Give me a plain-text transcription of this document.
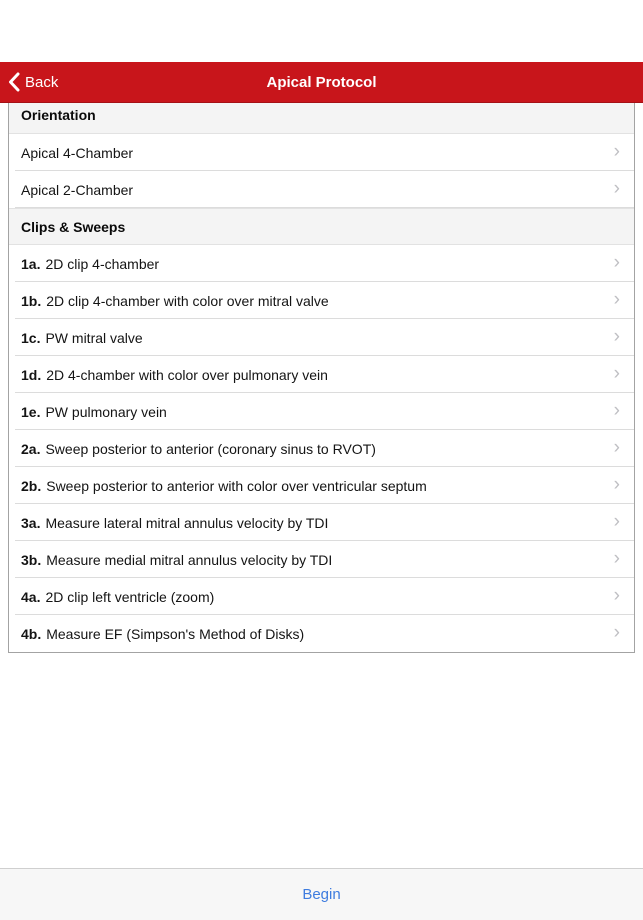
Back	Apical Protocol
Orientation
Apical 4-Chamber	›
Apical 2-Chamber	›
Clips & Sweeps
1a. 2D clip 4-chamber	›
1b. 2D clip 4-chamber with color over mitral valve	›
1c. PW mitral valve	›
1d. 2D 4-chamber with color over pulmonary vein	›
1e. PW pulmonary vein	›
2a. Sweep posterior to anterior (coronary sinus to RVOT)	›
2b. Sweep posterior to anterior with color over ventricular septum	›
3a. Measure lateral mitral annulus velocity by TDI	›
3b. Measure medial mitral annulus velocity by TDI	›
4a. 2D clip left ventricle (zoom)	›
4b. Measure EF (Simpson's Method of Disks)	›
Begin
